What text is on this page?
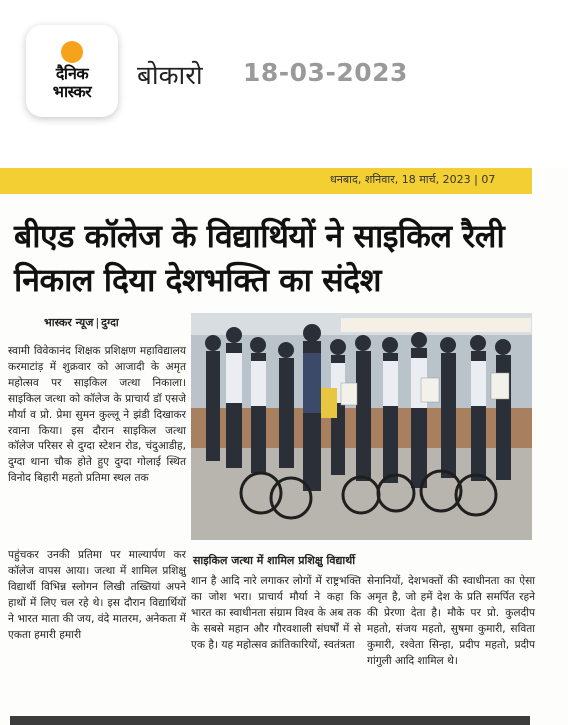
दैनिक
भास्कर
बोकारो 18-03-2023
धनबाद, शनिवार, 18 मार्च, 2023 | 07
बीएड कॉलेज के विद्यार्थियों ने साइकिल रैली निकाल दिया देशभक्ति का संदेश
भास्कर न्यूज | दुग्दा
स्वामी विवेकानंद शिक्षक प्रशिक्षण महाविद्यालय करमाटांड़ में शुक्रवार को आजादी के अमृत महोत्सव पर साइकिल जत्था निकाला। साइकिल जत्था को कॉलेज के प्राचार्य डॉ एसजे मौर्या व प्रो. प्रेमा सुमन कुल्लू ने झंडी दिखाकर रवाना किया। इस दौरान साइकिल जत्था कॉलेज परिसर से दुग्दा स्टेशन रोड, चंदुआडीह, दुग्दा थाना चौक होते हुए दुग्दा गोलाई स्थित विनोद बिहारी महतो प्रतिमा स्थल तक
साइकिल जत्था में शामिल प्रशिक्षु विद्यार्थी
पहुंचकर उनकी प्रतिमा पर माल्यार्पण कर कॉलेज वापस आया। जत्था में शामिल प्रशिक्षु विद्यार्थी विभिन्न स्लोगन लिखी तख्तियां अपने हाथों में लिए चल रहे थे। इस दौरान विद्यार्थियों ने भारत माता की जय, वंदे मातरम, अनेकता में एकता हमारी हमारी
शान है आदि नारे लगाकर लोगों में राष्ट्रभक्ति का जोश भरा। प्राचार्य मौर्या ने कहा कि भारत का स्वाधीनता संग्राम विश्व के अब तक के सबसे महान और गौरवशाली संघर्षों में से एक है। यह महोत्सव क्रांतिकारियों, स्वतंत्रता
सेनानियों, देशभक्तों की स्वाधीनता का ऐसा अमृत है, जो हमें देश के प्रति समर्पित रहने की प्रेरणा देता है। मौके पर प्रो. कुलदीप महतो, संजय महतो, सुषमा कुमारी, सविता कुमारी, रश्वेता सिन्हा, प्रदीप महतो, प्रदीप गांगुली आदि शामिल थे।
